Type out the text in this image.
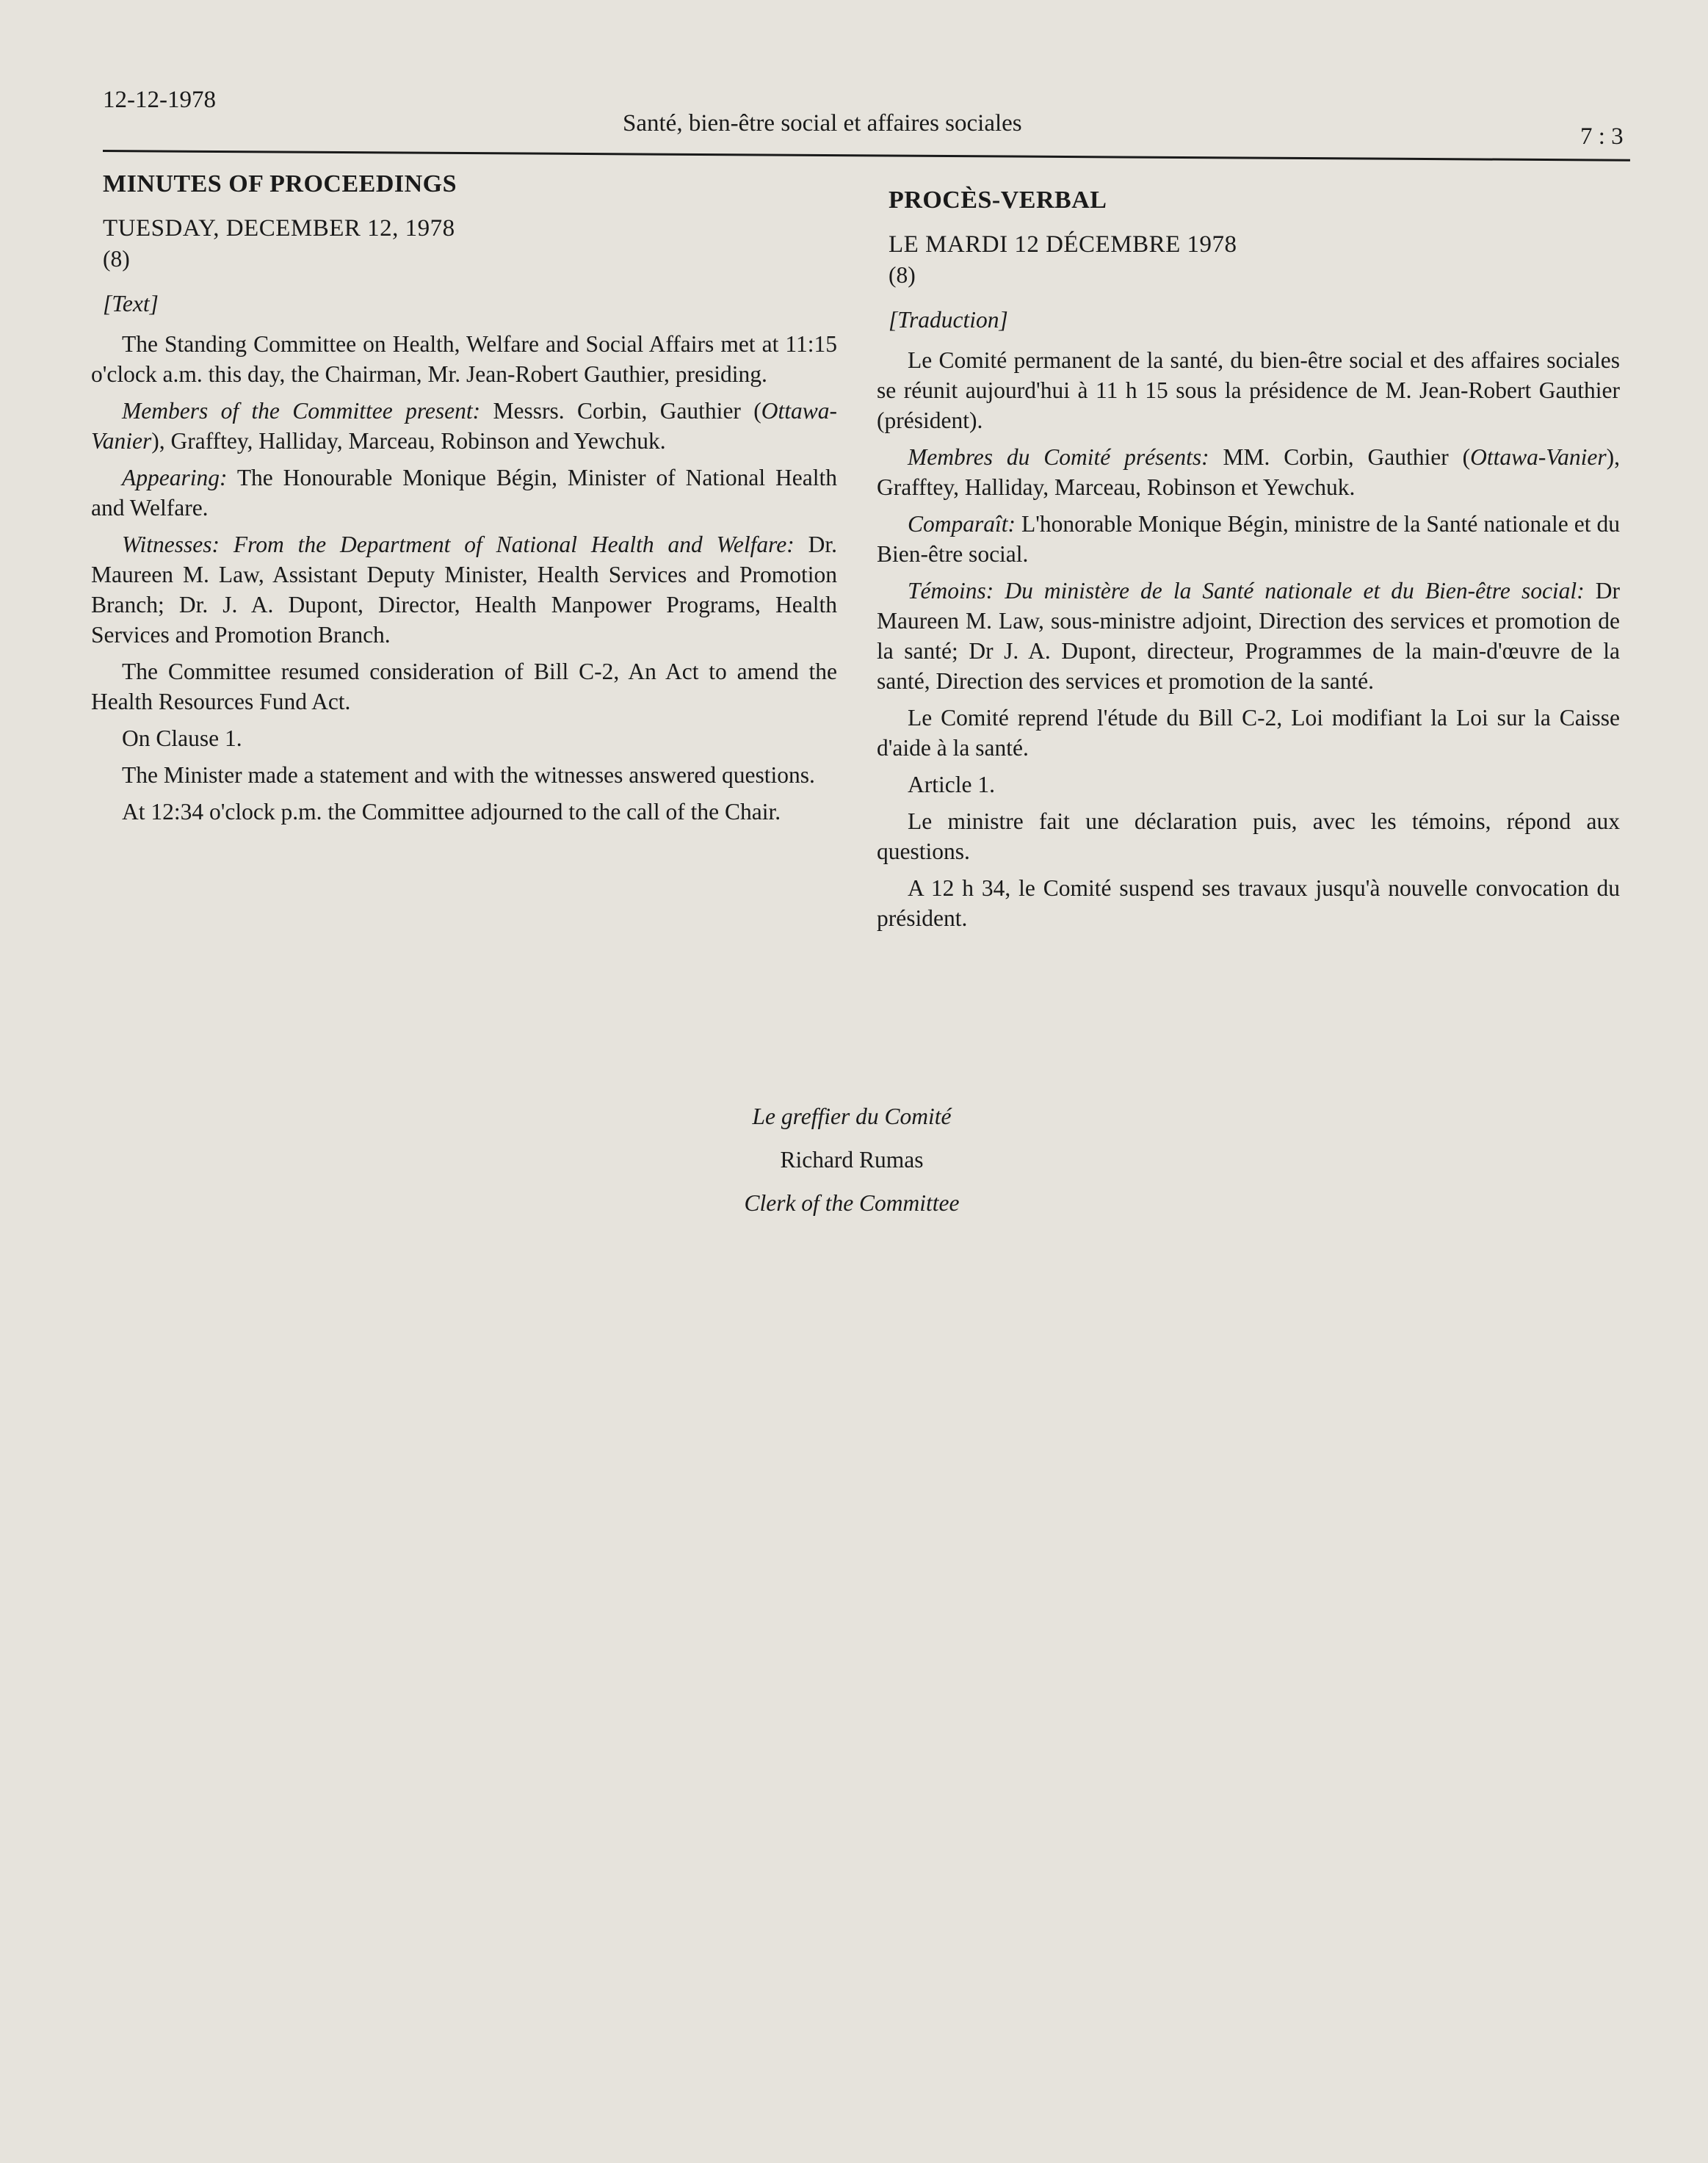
12-12-1978
Santé, bien-être social et affaires sociales	7 : 3
MINUTES OF PROCEEDINGS
TUESDAY, DECEMBER 12, 1978
(8)
[Text]

The Standing Committee on Health, Welfare and Social Affairs met at 11:15 o'clock a.m. this day, the Chairman, Mr. Jean-Robert Gauthier, presiding.

Members of the Committee present: Messrs. Corbin, Gauthier (Ottawa-Vanier), Grafftey, Halliday, Marceau, Robinson and Yewchuk.

Appearing: The Honourable Monique Bégin, Minister of National Health and Welfare.

Witnesses: From the Department of National Health and Welfare: Dr. Maureen M. Law, Assistant Deputy Minister, Health Services and Promotion Branch; Dr. J. A. Dupont, Director, Health Manpower Programs, Health Services and Promotion Branch.

The Committee resumed consideration of Bill C-2, An Act to amend the Health Resources Fund Act.

On Clause 1.

The Minister made a statement and with the witnesses answered questions.

At 12:34 o'clock p.m. the Committee adjourned to the call of the Chair.

PROCÈS-VERBAL
LE MARDI 12 DÉCEMBRE 1978
(8)
[Traduction]

Le Comité permanent de la santé, du bien-être social et des affaires sociales se réunit aujourd'hui à 11 h 15 sous la présidence de M. Jean-Robert Gauthier (président).

Membres du Comité présents: MM. Corbin, Gauthier (Ottawa-Vanier), Grafftey, Halliday, Marceau, Robinson et Yewchuk.

Comparaît: L'honorable Monique Bégin, ministre de la Santé nationale et du Bien-être social.

Témoins: Du ministère de la Santé nationale et du Bien-être social: Dr Maureen M. Law, sous-ministre adjoint, Direction des services et promotion de la santé; Dr J. A. Dupont, directeur, Programmes de la main-d'œuvre de la santé, Direction des services et promotion de la santé.

Le Comité reprend l'étude du Bill C-2, Loi modifiant la Loi sur la Caisse d'aide à la santé.

Article 1.

Le ministre fait une déclaration puis, avec les témoins, répond aux questions.

A 12 h 34, le Comité suspend ses travaux jusqu'à nouvelle convocation du président.

Le greffier du Comité
Richard Rumas
Clerk of the Committee
